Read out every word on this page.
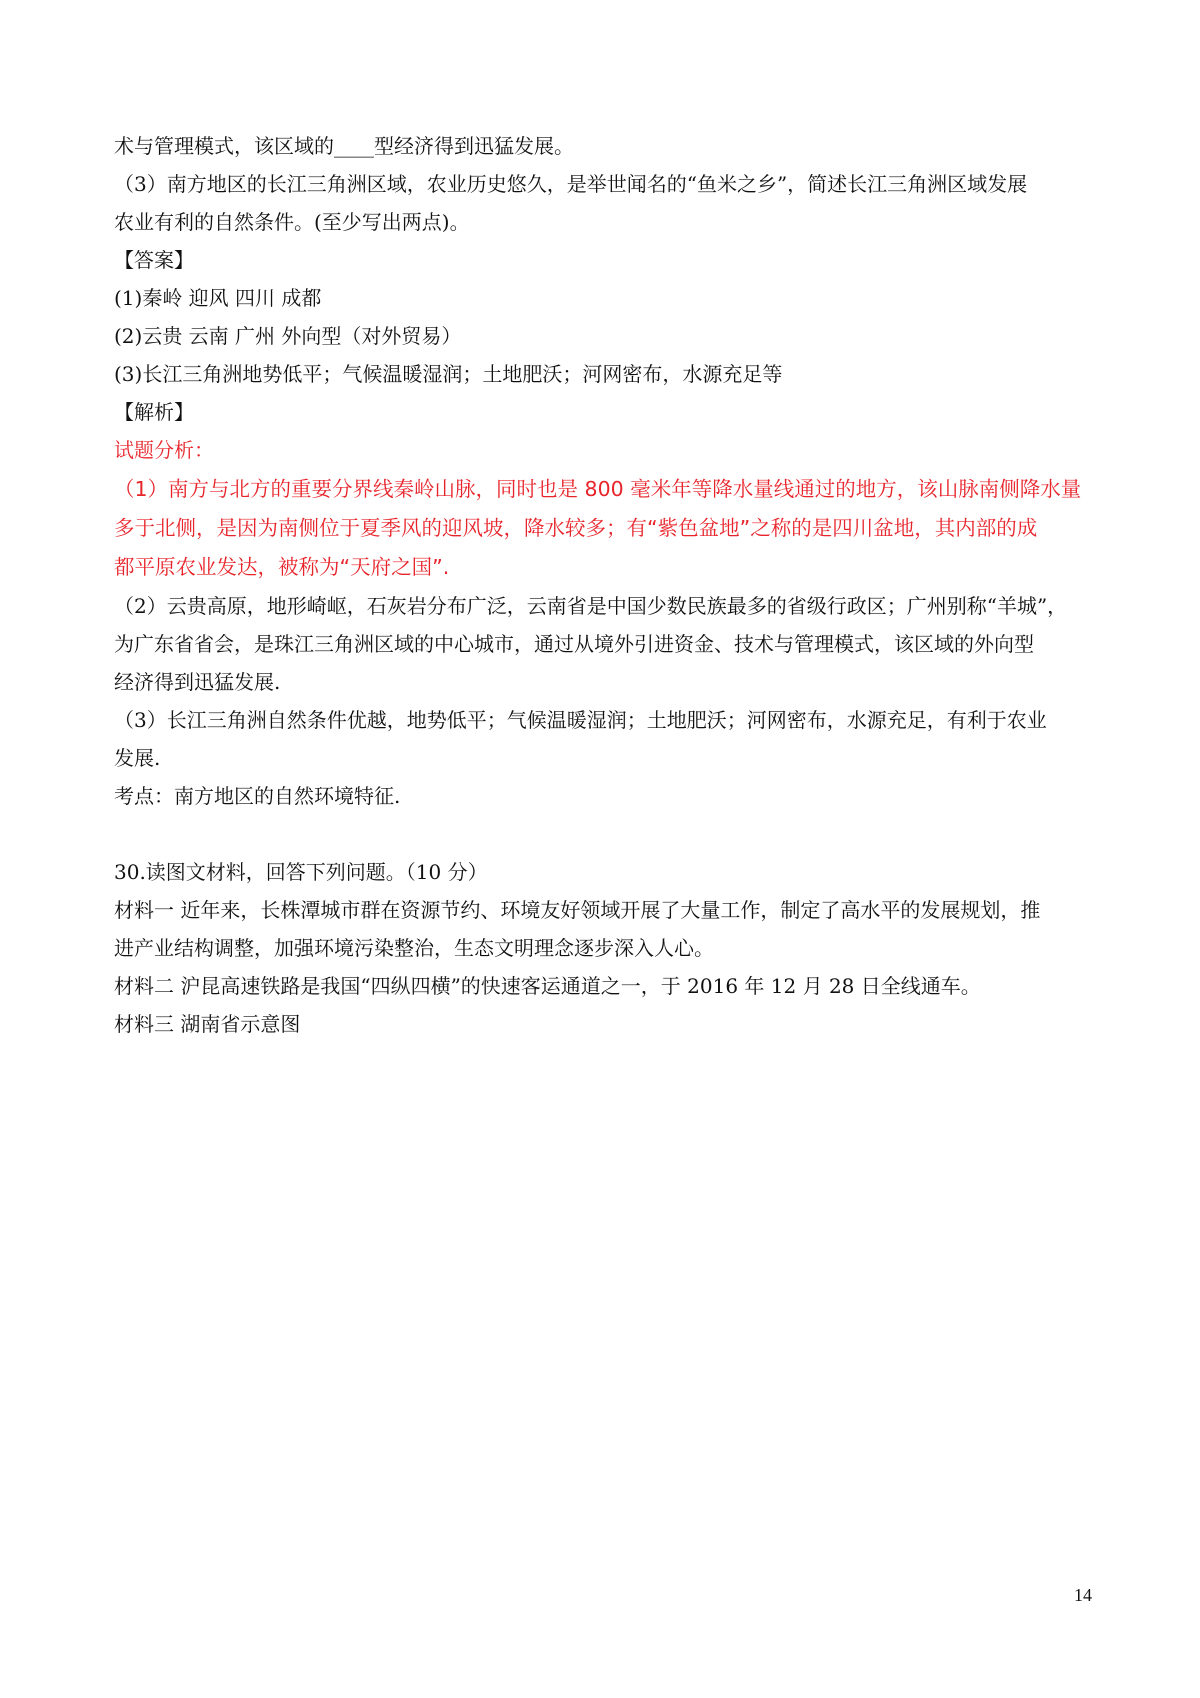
术与管理模式，该区域的____型经济得到迅猛发展。
（3）南方地区的长江三角洲区域，农业历史悠久，是举世闻名的“鱼米之乡”，简述长江三角洲区域发展
农业有利的自然条件。(至少写出两点)。
【答案】
(1)秦岭 迎风 四川 成都
(2)云贵 云南 广州 外向型（对外贸易）
(3)长江三角洲地势低平；气候温暖湿润；土地肥沃；河网密布，水源充足等
【解析】
试题分析：
（1）南方与北方的重要分界线秦岭山脉，同时也是 800 毫米年等降水量线通过的地方，该山脉南侧降水量
多于北侧，是因为南侧位于夏季风的迎风坡，降水较多；有“紫色盆地”之称的是四川盆地，其内部的成
都平原农业发达，被称为“天府之国”.
（2）云贵高原，地形崎岖，石灰岩分布广泛，云南省是中国少数民族最多的省级行政区；广州别称“羊城”，
为广东省省会，是珠江三角洲区域的中心城市，通过从境外引进资金、技术与管理模式，该区域的外向型
经济得到迅猛发展.
（3）长江三角洲自然条件优越，地势低平；气候温暖湿润；土地肥沃；河网密布，水源充足，有利于农业
发展.
考点：南方地区的自然环境特征.
30.读图文材料，回答下列问题。（10 分）
材料一 近年来，长株潭城市群在资源节约、环境友好领域开展了大量工作，制定了高水平的发展规划，推
进产业结构调整，加强环境污染整治，生态文明理念逐步深入人心。
材料二 沪昆高速铁路是我国“四纵四横”的快速客运通道之一，于 2016 年 12 月 28 日全线通车。
材料三 湖南省示意图
14
